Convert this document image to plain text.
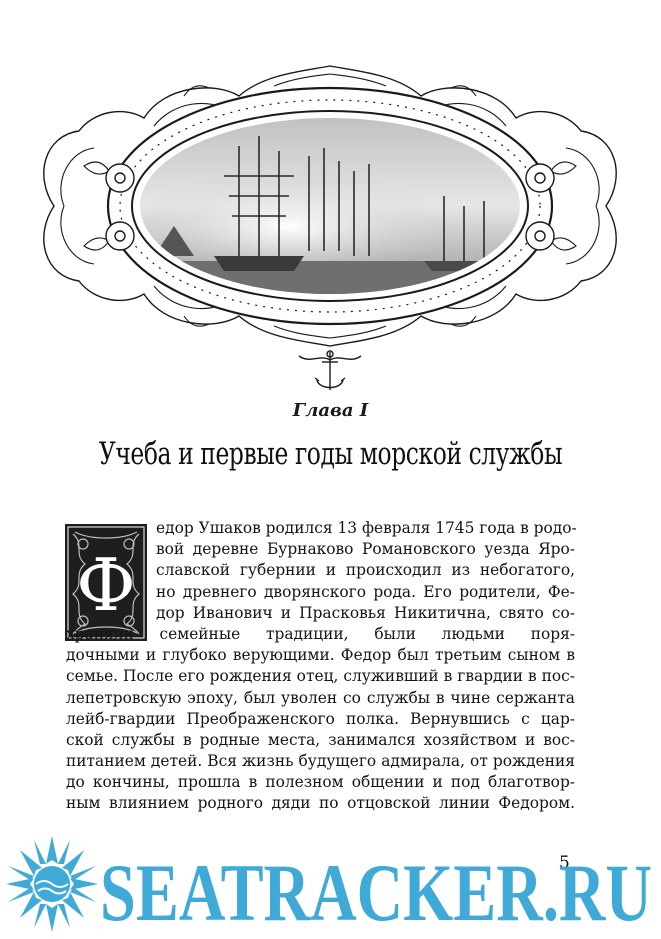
Глава I
Учеба и первые годы морской службы
Ф
едор Ушаков родился 13 февраля 1745 года в родо-
вой деревне Бурнаково Романовского уезда Яро-
славской губернии и происходил из небогатого,
но древнего дворянского рода. Его родители, Фе-
дор Иванович и Прасковья Никитична, свято со-
храняли семейные традиции, были людьми поря-
дочными и глубоко верующими. Федор был третьим сыном в
семье. После его рождения отец, служивший в гвардии в пос-
лепетровскую эпоху, был уволен со службы в чине сержанта
лейб-гвардии Преображенского полка. Вернувшись с цар-
ской службы в родные места, занимался хозяйством и вос-
питанием детей. Вся жизнь будущего адмирала, от рождения
до кончины, прошла в полезном общении и под благотвор-
ным влиянием родного дяди по отцовской линии Федором.
5
SEATRACKER.RU
